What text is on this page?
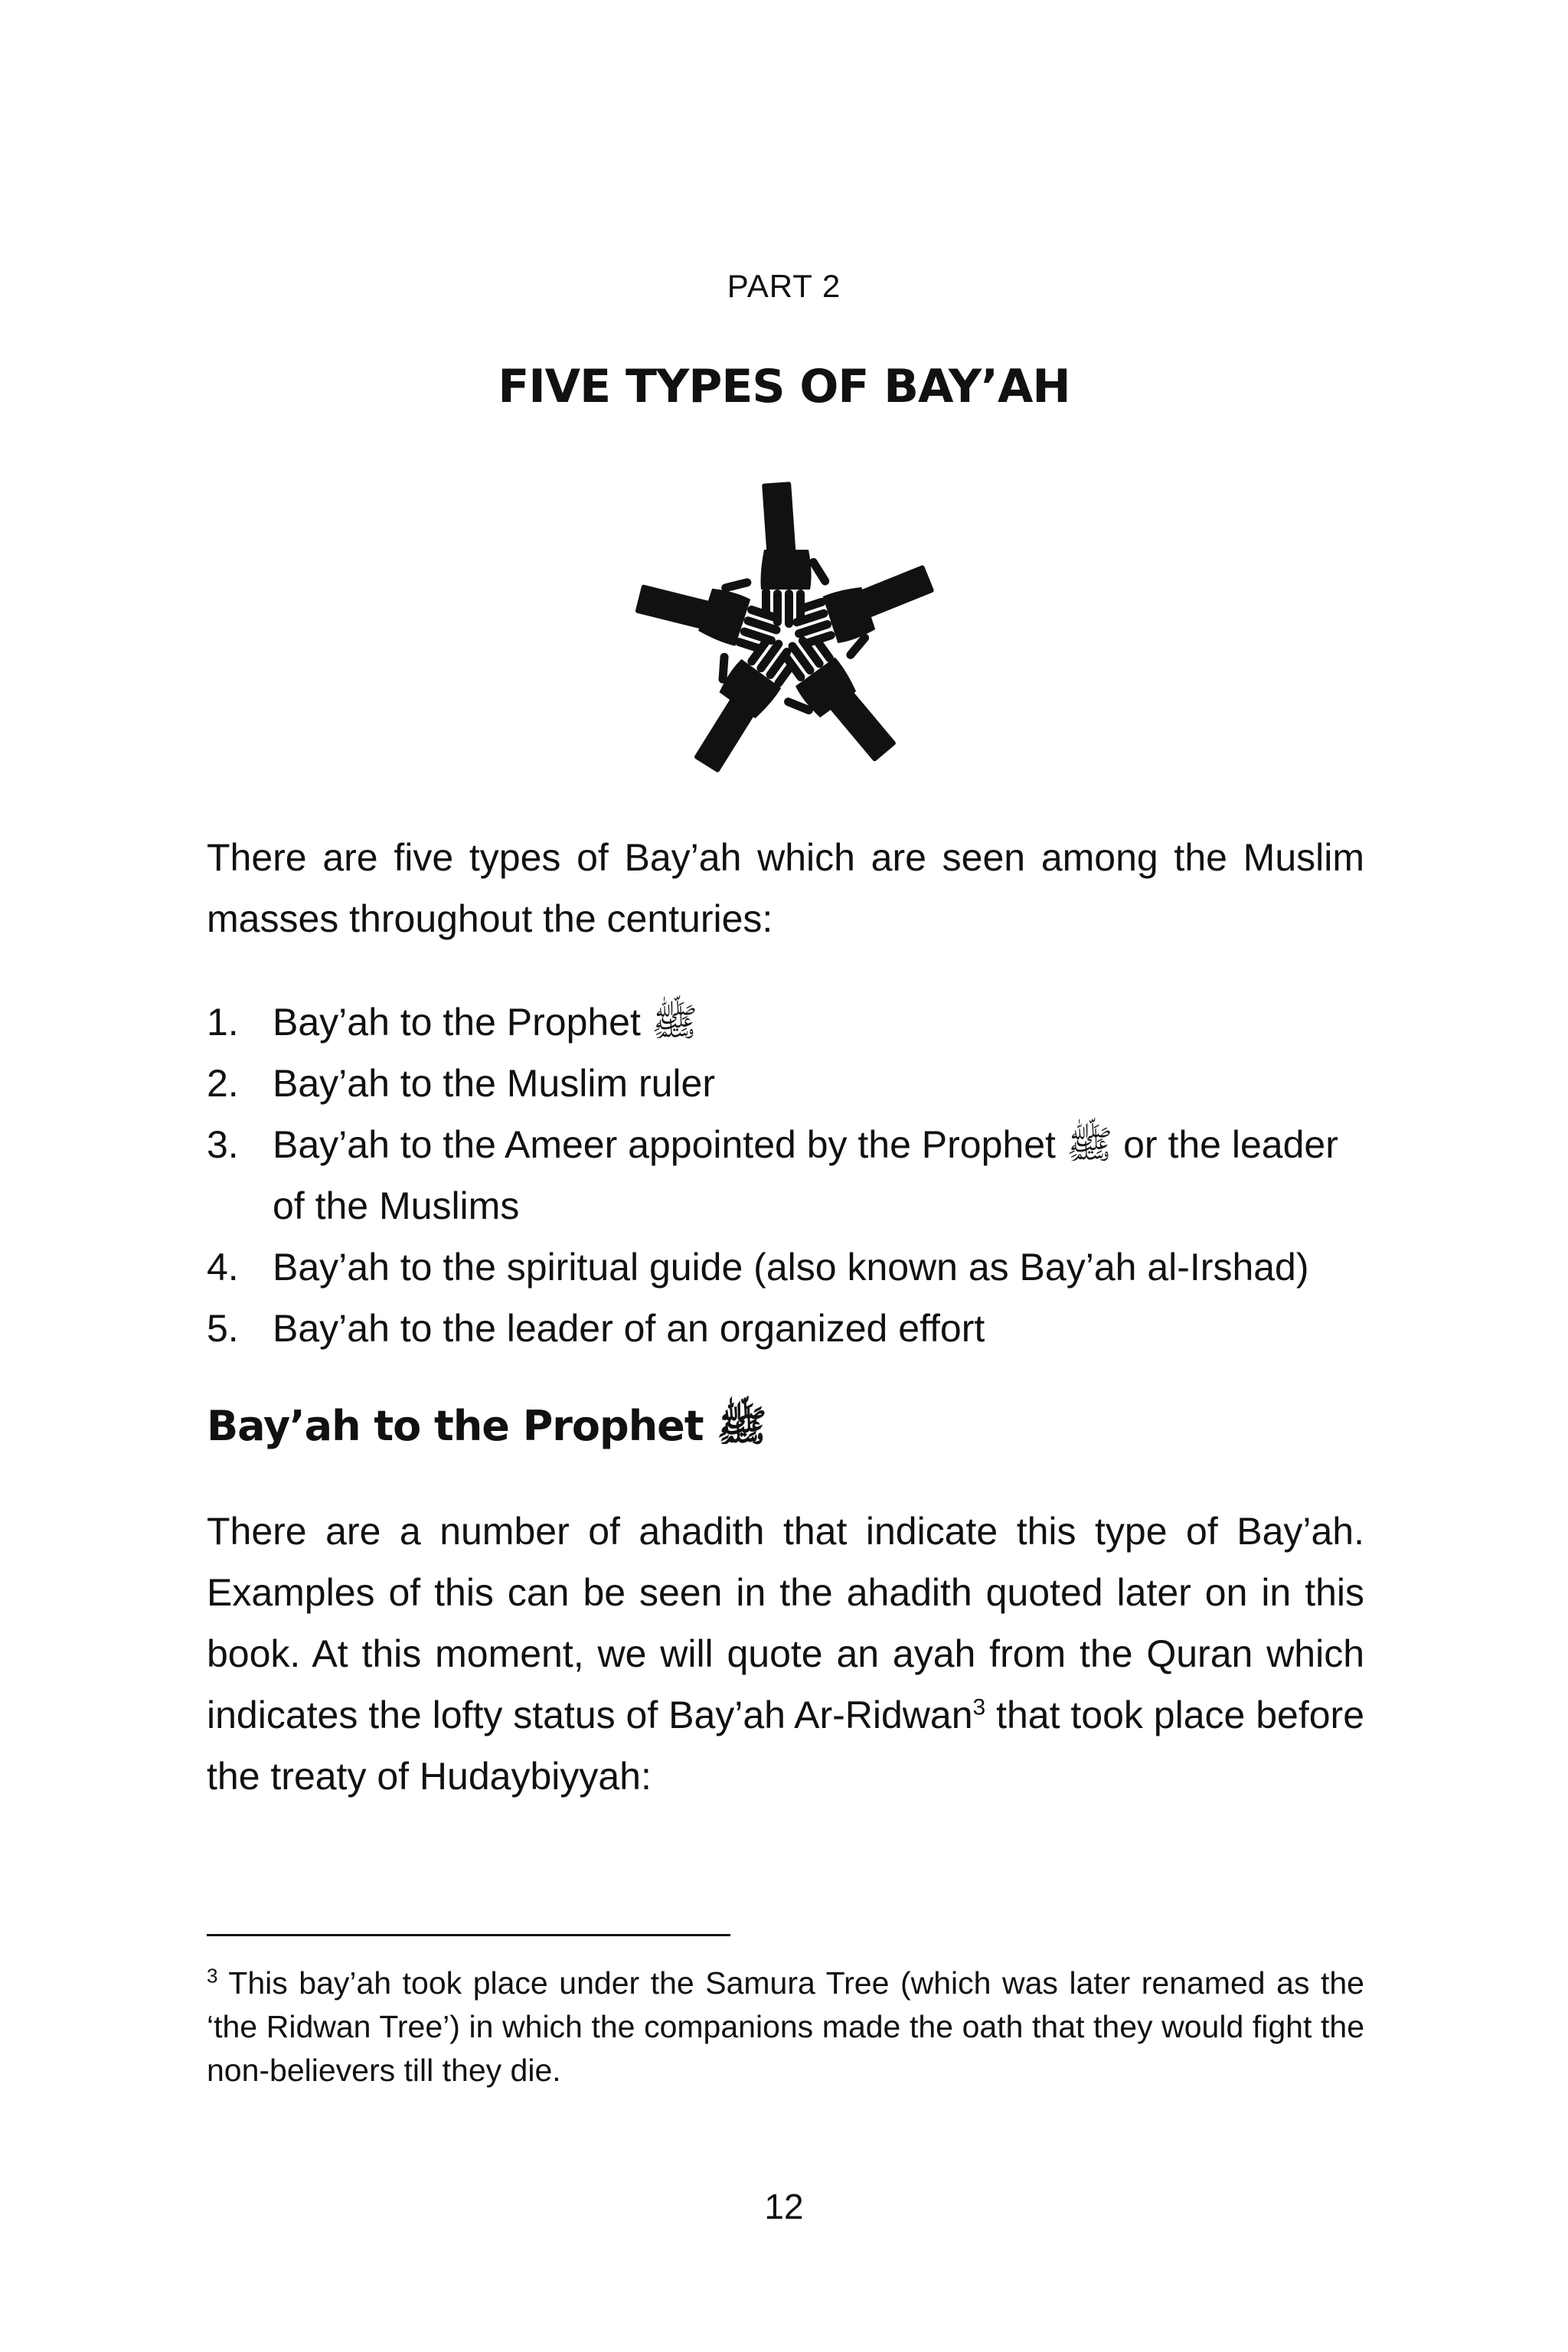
PART 2
FIVE TYPES OF BAY’AH

There are five types of Bay’ah which are seen among the Muslim masses throughout the centuries:

1. Bay’ah to the Prophet ﷺ
2. Bay’ah to the Muslim ruler
3. Bay’ah to the Ameer appointed by the Prophet ﷺ or the leader of the Muslims
4. Bay’ah to the spiritual guide (also known as Bay’ah al-Irshad)
5. Bay’ah to the leader of an organized effort
Bay’ah to the Prophet ﷺ

There are a number of ahadith that indicate this type of Bay’ah. Examples of this can be seen in the ahadith quoted later on in this book. At this moment, we will quote an ayah from the Quran which indicates the lofty status of Bay’ah Ar-Ridwan$^3$ that took place before the treaty of Hudaybiyyah:

$^3$ This bay’ah took place under the Samura Tree (which was later renamed as the ‘the Ridwan Tree’) in which the companions made the oath that they would fight the non-believers till they die.

12
